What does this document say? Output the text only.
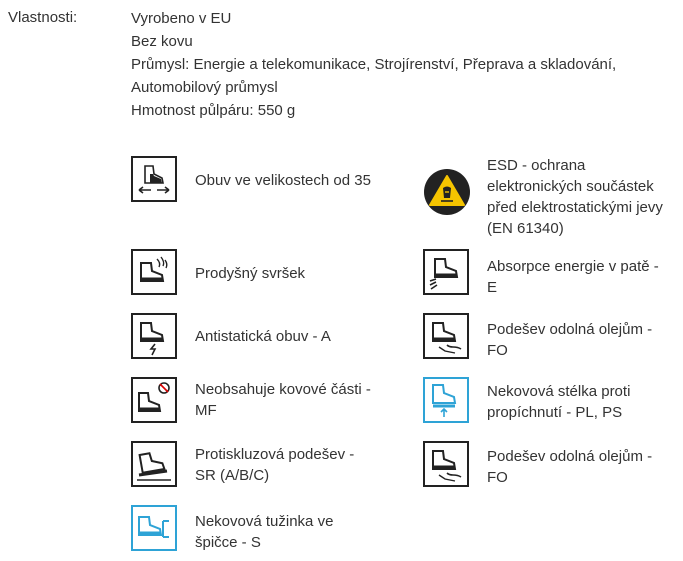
Vlastnosti:	Vyrobeno v EU
Bez kovu
Průmysl: Energie a telekomunikace, Strojírenství, Přeprava a skladování,
Automobilový průmysl
Hmotnost půlpáru: 550 g
Obuv ve velikostech od 35
Prodyšný svršek
Antistatická obuv - A
Neobsahuje kovové části -
MF
Protiskluzová podešev -
SR (A/B/C)
Nekovová tužinka ve
špičce - S
ESD - ochrana
elektronických součástek
před elektrostatickými jevy
(EN 61340)
Absorpce energie v patě -
E
Podešev odolná olejům -
FO
Nekovová stélka proti
propíchnutí - PL, PS
Podešev odolná olejům -
FO
